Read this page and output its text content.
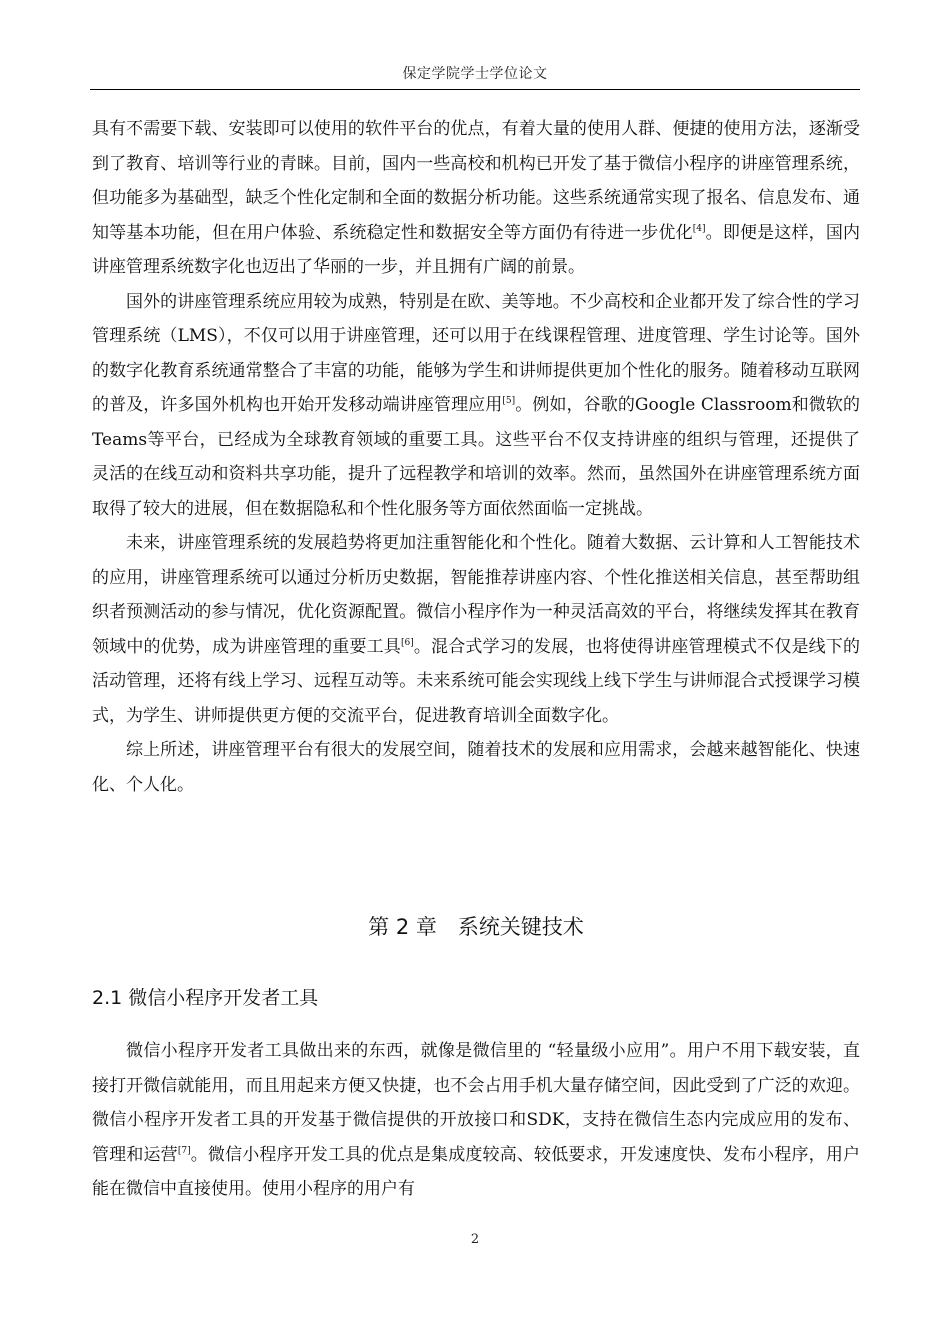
保定学院学士学位论文

具有不需要下载、安装即可以使用的软件平台的优点，有着大量的使用人群、便捷的使用方法，逐渐受到了教育、培训等行业的青睐。目前，国内一些高校和机构已开发了基于微信小程序的讲座管理系统，但功能多为基础型，缺乏个性化定制和全面的数据分析功能。这些系统通常实现了报名、信息发布、通知等基本功能，但在用户体验、系统稳定性和数据安全等方面仍有待进一步优化[4]。即便是这样，国内讲座管理系统数字化也迈出了华丽的一步，并且拥有广阔的前景。

国外的讲座管理系统应用较为成熟，特别是在欧、美等地。不少高校和企业都开发了综合性的学习管理系统（LMS），不仅可以用于讲座管理，还可以用于在线课程管理、进度管理、学生讨论等。国外的数字化教育系统通常整合了丰富的功能，能够为学生和讲师提供更加个性化的服务。随着移动互联网的普及，许多国外机构也开始开发移动端讲座管理应用[5]。例如，谷歌的Google Classroom和微软的Teams等平台，已经成为全球教育领域的重要工具。这些平台不仅支持讲座的组织与管理，还提供了灵活的在线互动和资料共享功能，提升了远程教学和培训的效率。然而，虽然国外在讲座管理系统方面取得了较大的进展，但在数据隐私和个性化服务等方面依然面临一定挑战。

未来，讲座管理系统的发展趋势将更加注重智能化和个性化。随着大数据、云计算和人工智能技术的应用，讲座管理系统可以通过分析历史数据，智能推荐讲座内容、个性化推送相关信息，甚至帮助组织者预测活动的参与情况，优化资源配置。微信小程序作为一种灵活高效的平台，将继续发挥其在教育领域中的优势，成为讲座管理的重要工具[6]。混合式学习的发展，也将使得讲座管理模式不仅是线下的活动管理，还将有线上学习、远程互动等。未来系统可能会实现线上线下学生与讲师混合式授课学习模式，为学生、讲师提供更方便的交流平台，促进教育培训全面数字化。

综上所述，讲座管理平台有很大的发展空间，随着技术的发展和应用需求，会越来越智能化、快速化、个人化。

第 2 章　系统关键技术
2.1 微信小程序开发者工具

微信小程序开发者工具做出来的东西，就像是微信里的 “轻量级小应用”。用户不用下载安装，直接打开微信就能用，而且用起来方便又快捷，也不会占用手机大量存储空间，因此受到了广泛的欢迎。微信小程序开发者工具的开发基于微信提供的开放接口和SDK，支持在微信生态内完成应用的发布、管理和运营[7]。微信小程序开发工具的优点是集成度较高、较低要求，开发速度快、发布小程序，用户能在微信中直接使用。使用小程序的用户有

2
